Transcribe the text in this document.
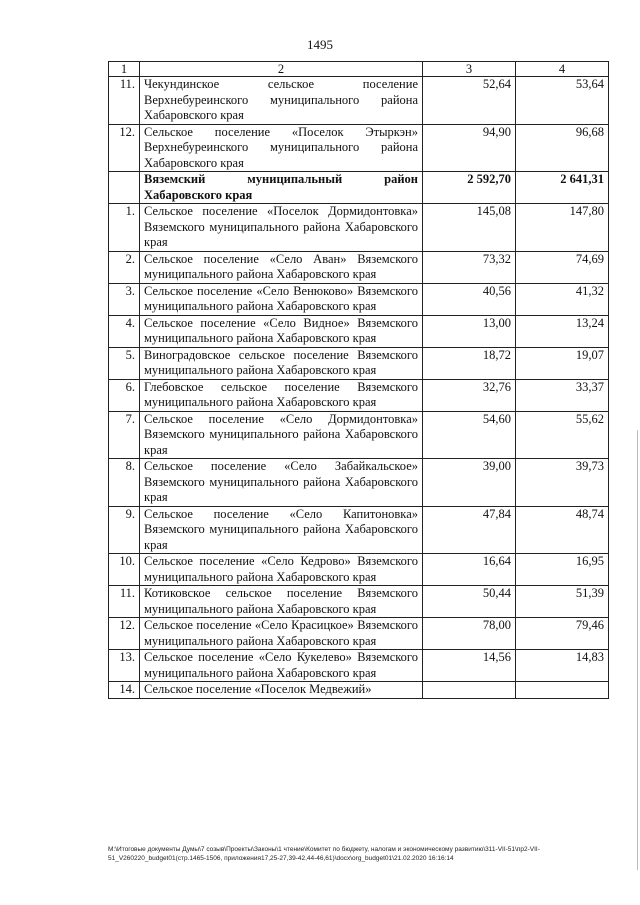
1495
1	2	3	4
11.	Чекундинское сельское поселение Верхнебуреинского муниципального района Хабаровского края	52,64	53,64
12.	Сельское поселение «Поселок Этыркэн» Верхнебуреинского муниципального района Хабаровского края	94,90	96,68
	Вяземский муниципальный район Хабаровского края	2 592,70	2 641,31
1.	Сельское поселение «Поселок Дормидонтовка» Вяземского муниципального района Хабаровского края	145,08	147,80
2.	Сельское поселение «Село Аван» Вяземского муниципального района Хабаровского края	73,32	74,69
3.	Сельское поселение «Село Венюково» Вяземского муниципального района Хабаровского края	40,56	41,32
4.	Сельское поселение «Село Видное» Вяземского муниципального района Хабаровского края	13,00	13,24
5.	Виноградовское сельское поселение Вяземского муниципального района Хабаровского края	18,72	19,07
6.	Глебовское сельское поселение Вяземского муниципального района Хабаровского края	32,76	33,37
7.	Сельское поселение «Село Дормидонтовка» Вяземского муниципального района Хабаровского края	54,60	55,62
8.	Сельское поселение «Село Забайкальское» Вяземского муниципального района Хабаровского края	39,00	39,73
9.	Сельское поселение «Село Капитоновка» Вяземского муниципального района Хабаровского края	47,84	48,74
10.	Сельское поселение «Село Кедрово» Вяземского муниципального района Хабаровского края	16,64	16,95
11.	Котиковское сельское поселение Вяземского муниципального района Хабаровского края	50,44	51,39
12.	Сельское поселение «Село Красицкое» Вяземского муниципального района Хабаровского края	78,00	79,46
13.	Сельское поселение «Село Кукелево» Вяземского муниципального района Хабаровского края	14,56	14,83
14.	Сельское поселение «Поселок Медвежий»		
М:\Итоговые документы Думы\7 созыв\Проекты\Законы\1 чтение\Комитет по бюджету, налогам и экономическому развитию\311-VII-51\пр2-VII-51_V260220_budget01(стр.1465-1506, приложения17,25-27,39-42,44-46,61)\docx\org_budget01\21.02.2020 16:16:14
